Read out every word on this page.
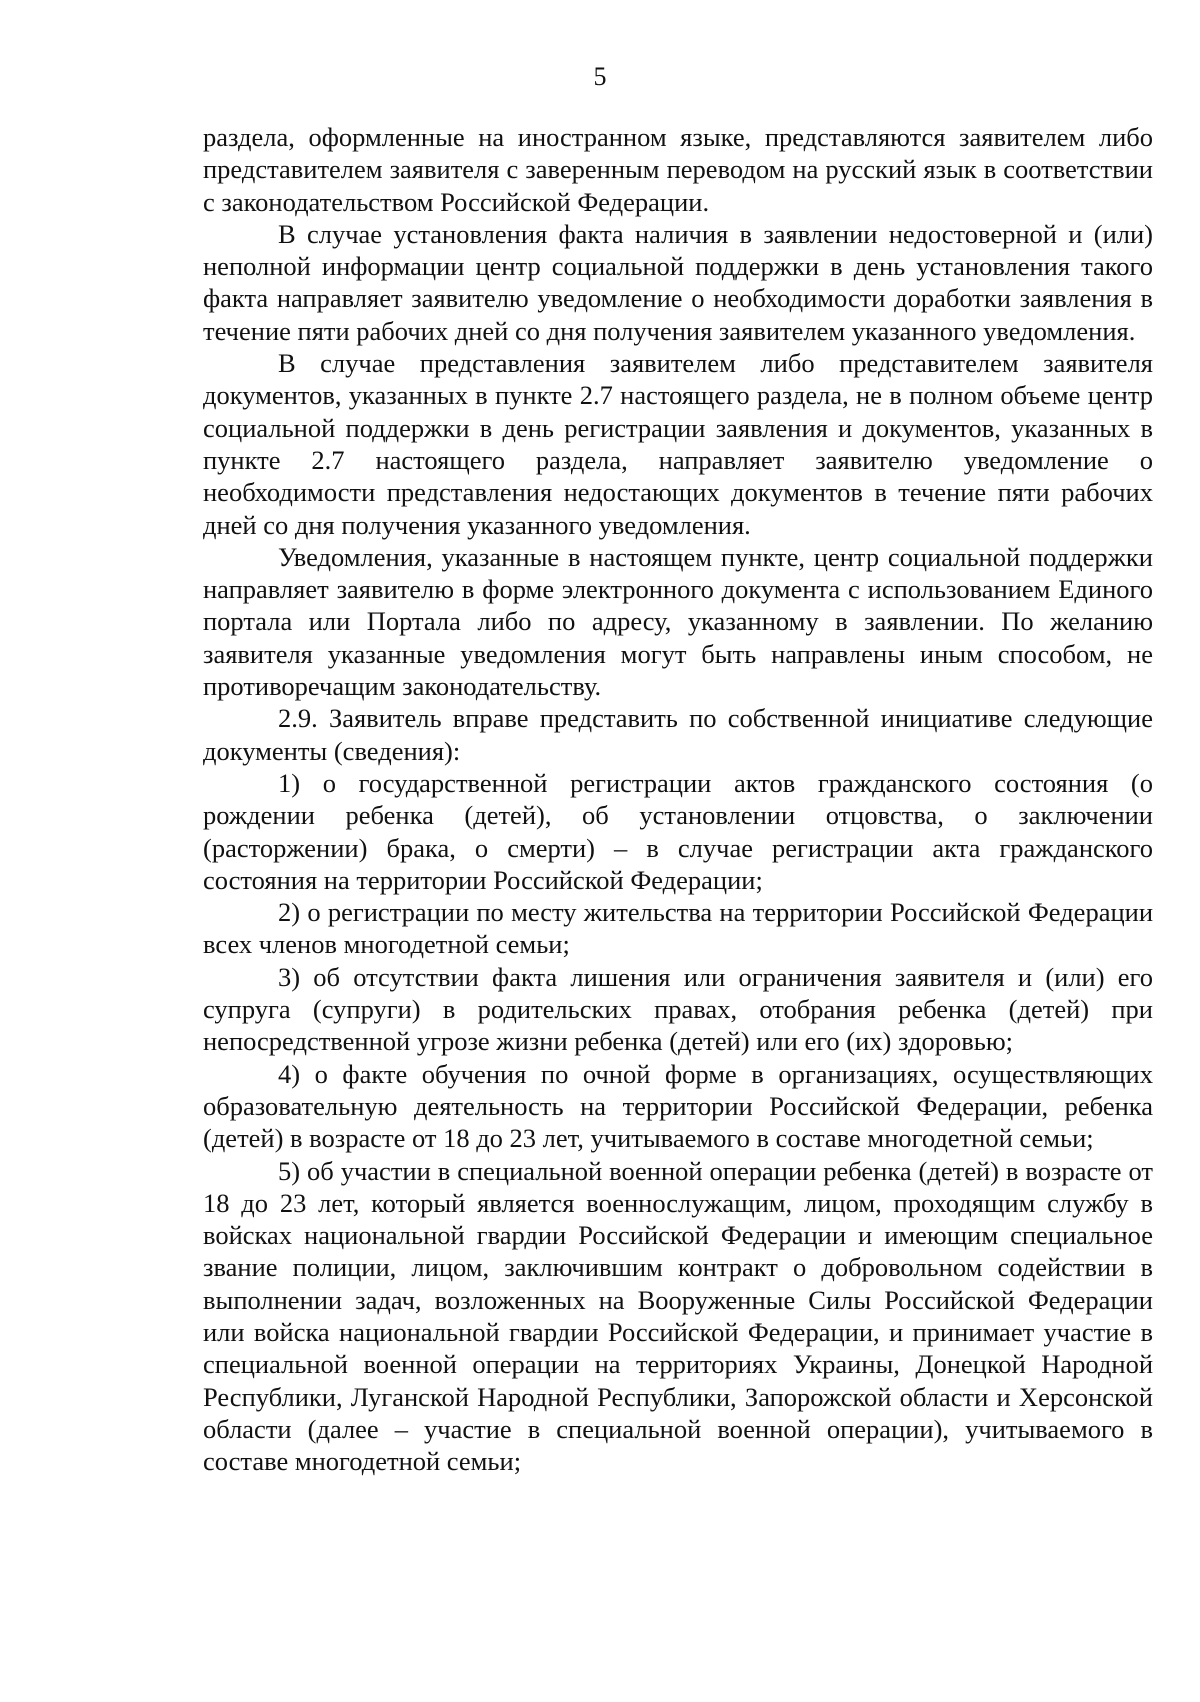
5

раздела, оформленные на иностранном языке, представляются заявителем либо представителем заявителя с заверенным переводом на русский язык в соответствии с законодательством Российской Федерации.

В случае установления факта наличия в заявлении недостоверной и (или) неполной информации центр социальной поддержки в день установления такого факта направляет заявителю уведомление о необходимости доработки заявления в течение пяти рабочих дней со дня получения заявителем указанного уведомления.

В случае представления заявителем либо представителем заявителя документов, указанных в пункте 2.7 настоящего раздела, не в полном объеме центр социальной поддержки в день регистрации заявления и документов, указанных в пункте 2.7 настоящего раздела, направляет заявителю уведомление о необходимости представления недостающих документов в течение пяти рабочих дней со дня получения указанного уведомления.

Уведомления, указанные в настоящем пункте, центр социальной поддержки направляет заявителю в форме электронного документа с использованием Единого портала или Портала либо по адресу, указанному в заявлении. По желанию заявителя указанные уведомления могут быть направлены иным способом, не противоречащим законодательству.

2.9. Заявитель вправе представить по собственной инициативе следующие документы (сведения):

1) о государственной регистрации актов гражданского состояния (о рождении ребенка (детей), об установлении отцовства, о заключении (расторжении) брака, о смерти) – в случае регистрации акта гражданского состояния на территории Российской Федерации;

2) о регистрации по месту жительства на территории Российской Федерации всех членов многодетной семьи;

3) об отсутствии факта лишения или ограничения заявителя и (или) его супруга (супруги) в родительских правах, отобрания ребенка (детей) при непосредственной угрозе жизни ребенка (детей) или его (их) здоровью;

4) о факте обучения по очной форме в организациях, осуществляющих образовательную деятельность на территории Российской Федерации, ребенка (детей) в возрасте от 18 до 23 лет, учитываемого в составе многодетной семьи;

5) об участии в специальной военной операции ребенка (детей) в возрасте от 18 до 23 лет, который является военнослужащим, лицом, проходящим службу в войсках национальной гвардии Российской Федерации и имеющим специальное звание полиции, лицом, заключившим контракт о добровольном содействии в выполнении задач, возложенных на Вооруженные Силы Российской Федерации или войска национальной гвардии Российской Федерации, и принимает участие в специальной военной операции на территориях Украины, Донецкой Народной Республики, Луганской Народной Республики, Запорожской области и Херсонской области (далее – участие в специальной военной операции), учитываемого в составе многодетной семьи;
